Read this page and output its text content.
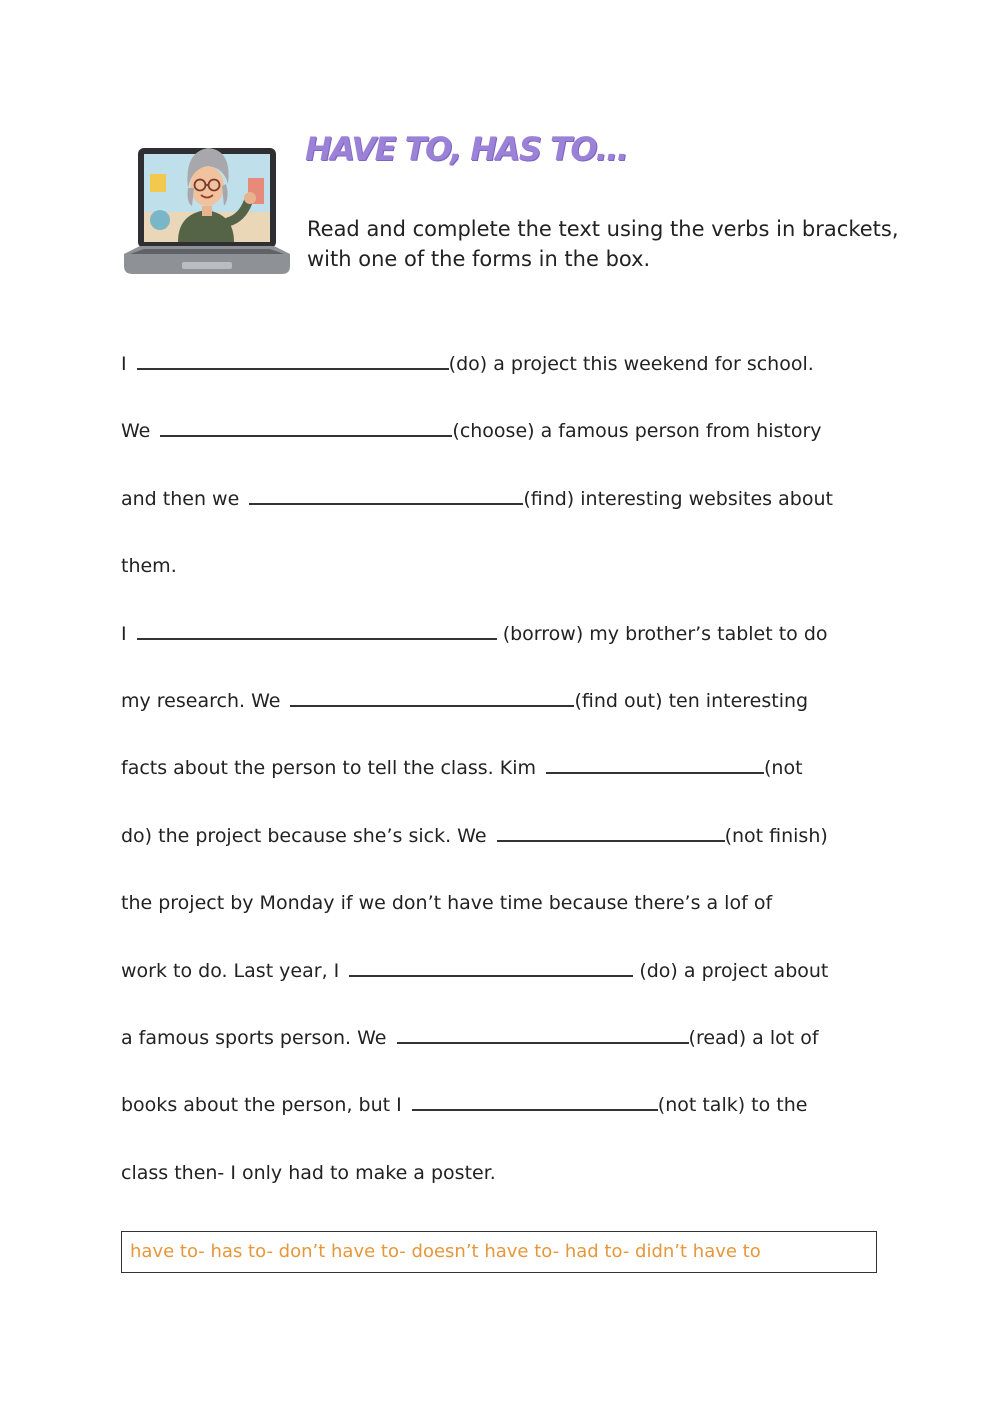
HAVE TO, HAS TO...

Read and complete the text using the verbs in brackets, with one of the forms in the box.

I	(do) a project this weekend for school.
We	(choose) a famous person from history
and then we	(find) interesting websites about
them.
I	(borrow) my brother’s tablet to do
my research. We	(find out) ten interesting
facts about the person to tell the class. Kim	(not
do) the project because she’s sick. We	(not finish)
the project by Monday if we don’t have time because there’s a lof of
work to do. Last year, I	(do) a project about
a famous sports person. We	(read) a lot of
books about the person, but I	(not talk) to the
class then- I only had to make a poster.
have to- has to- don’t have to- doesn’t have to- had to- didn’t have to
